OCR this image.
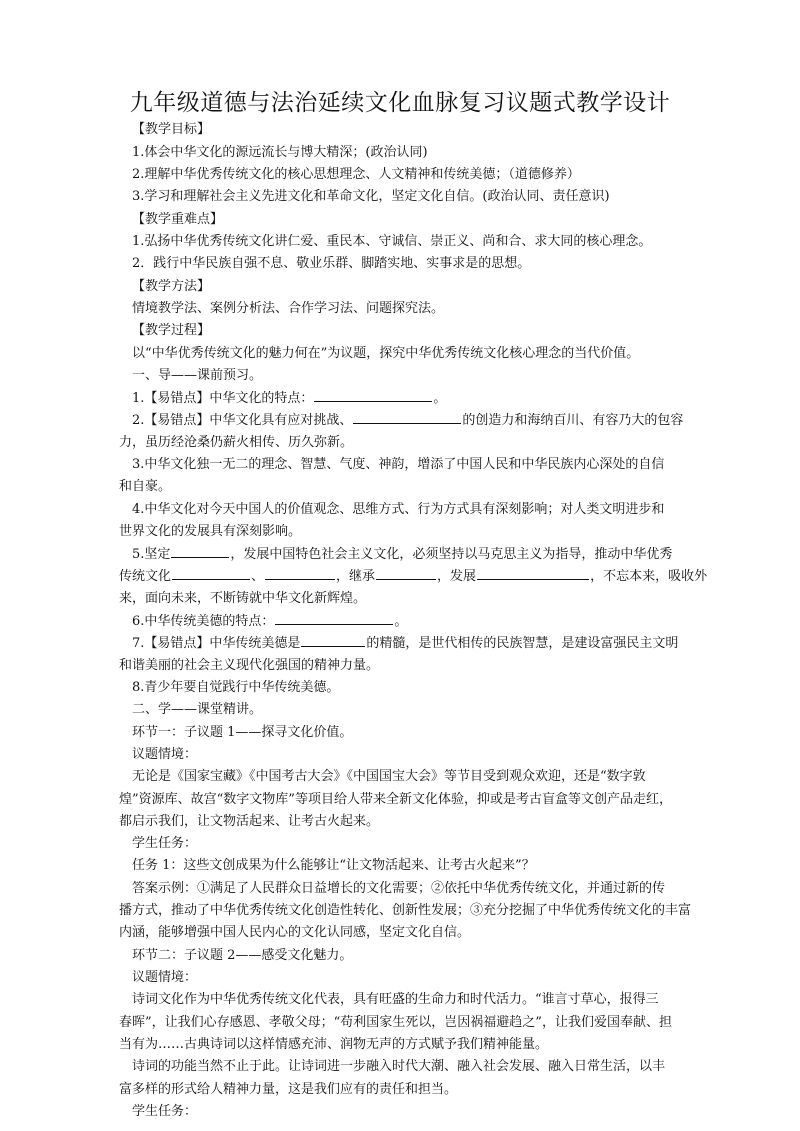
九年级道德与法治延续文化血脉复习议题式教学设计
【教学目标】
1.体会中华文化的源远流长与博大精深；(政治认同)
2.理解中华优秀传统文化的核心思想理念、人文精神和传统美德；（道德修养）
3.学习和理解社会主义先进文化和革命文化，坚定文化自信。(政治认同、责任意识)
【教学重难点】
1.弘扬中华优秀传统文化讲仁爱、重民本、守诚信、崇正义、尚和合、求大同的核心理念。
2．践行中华民族自强不息、敬业乐群、脚踏实地、实事求是的思想。
【教学方法】
情境教学法、案例分析法、合作学习法、问题探究法。
【教学过程】
以“中华优秀传统文化的魅力何在”为议题，探究中华优秀传统文化核心理念的当代价值。
一、导——课前预习。
1.【易错点】中华文化的特点：	。
2.【易错点】中华文化具有应对挑战、	的创造力和海纳百川、有容乃大的包容
力，虽历经沧桑仍薪火相传、历久弥新。
3.中华文化独一无二的理念、智慧、气度、神韵，增添了中国人民和中华民族内心深处的自信
和自豪。
4.中华文化对今天中国人的价值观念、思维方式、行为方式具有深刻影响；对人类文明进步和
世界文化的发展具有深刻影响。
5.坚定	，发展中国特色社会主义文化，必须坚持以马克思主义为指导，推动中华优秀
传统文化	、	，继承	，发展	，不忘本来，吸收外
来，面向未来，不断铸就中华文化新辉煌。
6.中华传统美德的特点：	。
7.【易错点】中华传统美德是	的精髓，是世代相传的民族智慧，是建设富强民主文明
和谐美丽的社会主义现代化强国的精神力量。
8.青少年要自觉践行中华传统美德。
二、学——课堂精讲。
环节一：子议题 1——探寻文化价值。
议题情境：
无论是《国家宝藏》《中国考古大会》《中国国宝大会》等节目受到观众欢迎，还是“数字敦
煌”资源库、故宫“数字文物库”等项目给人带来全新文化体验，抑或是考古盲盒等文创产品走红，
都启示我们，让文物活起来、让考古火起来。
学生任务：
任务 1：这些文创成果为什么能够让“让文物活起来、让考古火起来”？
答案示例：①满足了人民群众日益增长的文化需要；②依托中华优秀传统文化，并通过新的传
播方式，推动了中华优秀传统文化创造性转化、创新性发展；③充分挖掘了中华优秀传统文化的丰富
内涵，能够增强中国人民内心的文化认同感，坚定文化自信。
环节二：子议题 2——感受文化魅力。
议题情境：
诗词文化作为中华优秀传统文化代表，具有旺盛的生命力和时代活力。“谁言寸草心，报得三
春晖”，让我们心存感恩、孝敬父母；“苟利国家生死以，岂因祸福避趋之”，让我们爱国奉献、担
当有为……古典诗词以这样情感充沛、润物无声的方式赋予我们精神能量。
诗词的功能当然不止于此。让诗词进一步融入时代大潮、融入社会发展、融入日常生活，以丰
富多样的形式给人精神力量，这是我们应有的责任和担当。
学生任务：
